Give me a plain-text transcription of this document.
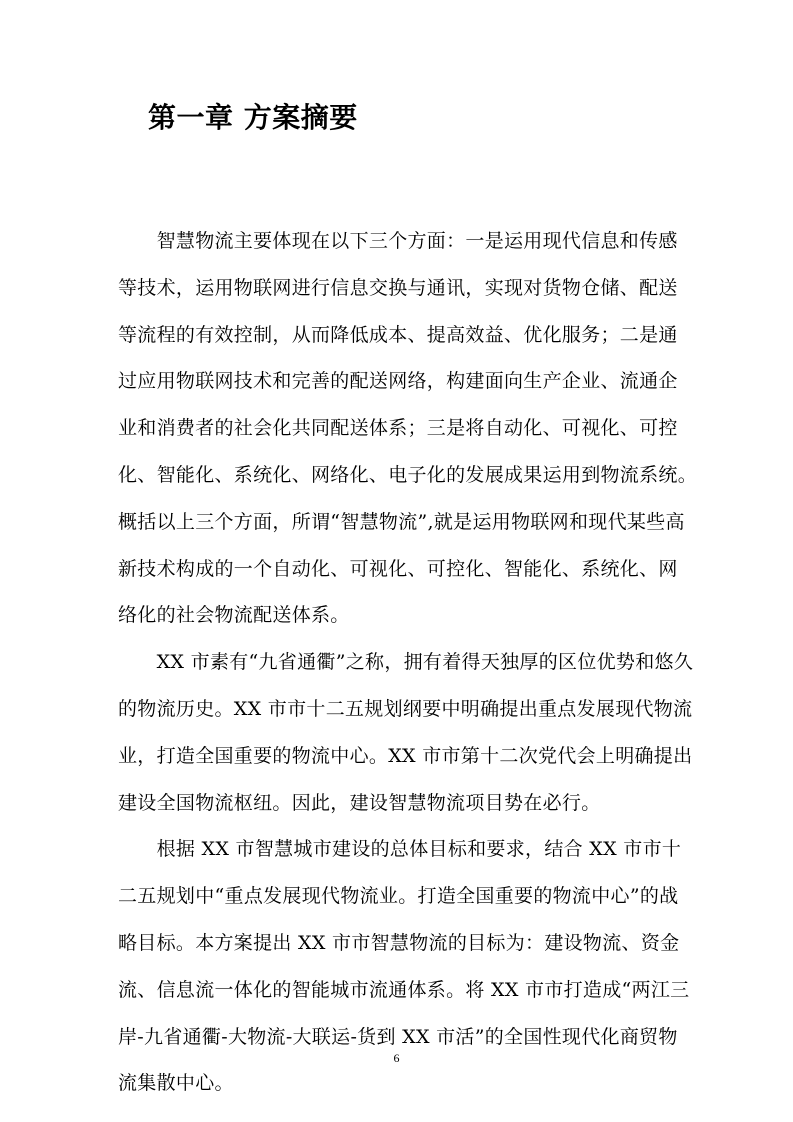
第一章 方案摘要

　　智慧物流主要体现在以下三个方面：一是运用现代信息和传感
等技术，运用物联网进行信息交换与通讯，实现对货物仓储、配送
等流程的有效控制，从而降低成本、提高效益、优化服务；二是通
过应用物联网技术和完善的配送网络，构建面向生产企业、流通企
业和消费者的社会化共同配送体系；三是将自动化、可视化、可控
化、智能化、系统化、网络化、电子化的发展成果运用到物流系统。
概括以上三个方面，所谓“智慧物流”,就是运用物联网和现代某些高
新技术构成的一个自动化、可视化、可控化、智能化、系统化、网
络化的社会物流配送体系。

　　XX 市素有“九省通衢”之称，拥有着得天独厚的区位优势和悠久
的物流历史。XX 市市十二五规划纲要中明确提出重点发展现代物流
业，打造全国重要的物流中心。XX 市市第十二次党代会上明确提出
建设全国物流枢纽。因此，建设智慧物流项目势在必行。

　　根据 XX 市智慧城市建设的总体目标和要求，结合 XX 市市十
二五规划中“重点发展现代物流业。打造全国重要的物流中心”的战
略目标。本方案提出 XX 市市智慧物流的目标为：建设物流、资金
流、信息流一体化的智能城市流通体系。将 XX 市市打造成“两江三
岸-九省通衢-大物流-大联运-货到 XX 市活”的全国性现代化商贸物
流集散中心。

6
